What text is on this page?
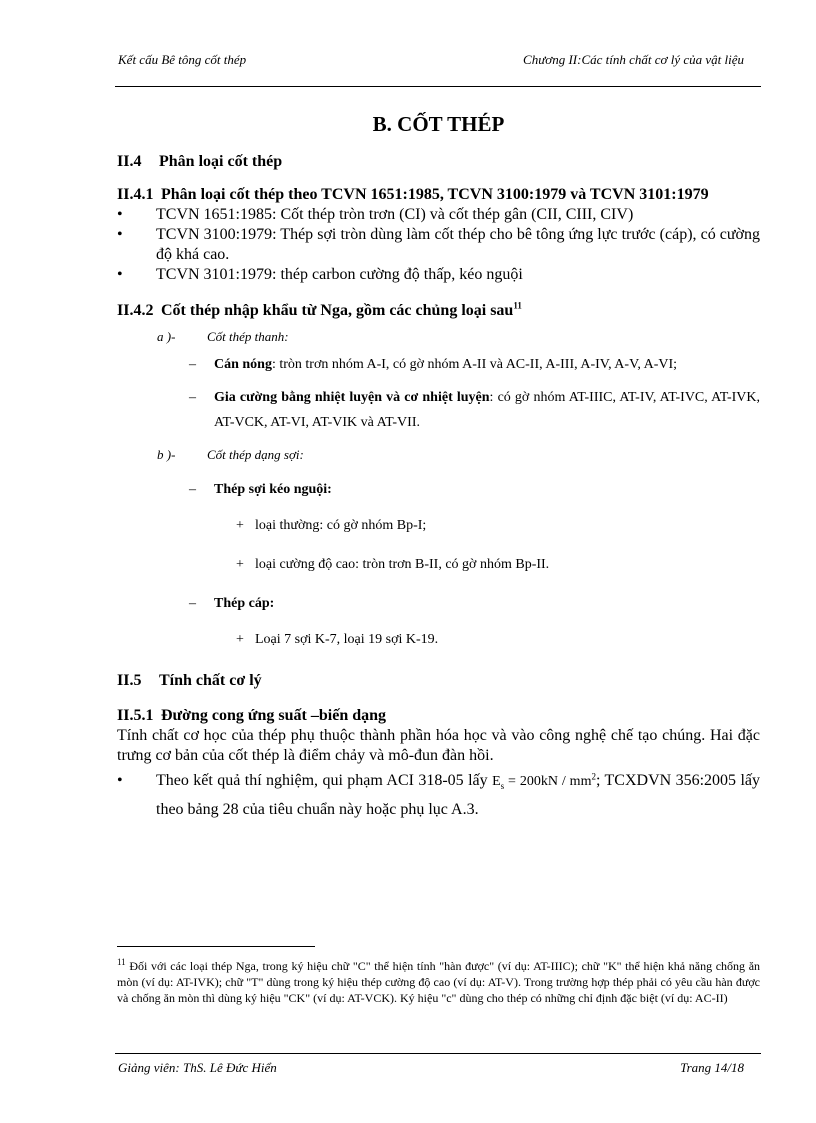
Kết cấu Bê tông cốt thép	Chương II:Các tính chất cơ lý của vật liệu
B. CỐT THÉP
II.4	Phân loại cốt thép
II.4.1 Phân loại cốt thép theo TCVN 1651:1985, TCVN 3100:1979 và TCVN 3101:1979
• TCVN 1651:1985: Cốt thép tròn trơn (CI) và cốt thép gân (CII, CIII, CIV)
• TCVN 3100:1979: Thép sợi tròn dùng làm cốt thép cho bê tông ứng lực trước (cáp), có cường độ khá cao.
• TCVN 3101:1979: thép carbon cường độ thấp, kéo nguội
II.4.2 Cốt thép nhập khẩu từ Nga, gồm các chủng loại sau$^{11}$
a )-	Cốt thép thanh:
– Cán nóng: tròn trơn nhóm A-I, có gờ nhóm A-II và AC-II, A-III, A-IV, A-V, A-VI;
– Gia cường bằng nhiệt luyện và cơ nhiệt luyện: có gờ nhóm AT-IIIC, AT-IV, AT-IVC, AT-IVK, AT-VCK, AT-VI, AT-VIK và AT-VII.
b )-	Cốt thép dạng sợi:
– Thép sợi kéo nguội:
+ loại thường: có gờ nhóm Bp-I;
+ loại cường độ cao: tròn trơn B-II, có gờ nhóm Bp-II.
– Thép cáp:
+ Loại 7 sợi K-7, loại 19 sợi K-19.
II.5	Tính chất cơ lý
II.5.1 Đường cong ứng suất –biến dạng

Tính chất cơ học của thép phụ thuộc thành phần hóa học và vào công nghệ chế tạo chúng. Hai đặc trưng cơ bản của cốt thép là điểm chảy và mô-đun đàn hồi.

• Theo kết quả thí nghiệm, qui phạm ACI 318-05 lấy $E_s = 200kN / mm^2$; TCXDVN 356:2005 lấy theo bảng 28 của tiêu chuẩn này hoặc phụ lục A.3.
$^{11}$ Đối với các loại thép Nga, trong ký hiệu chữ "C" thể hiện tính "hàn được" (ví dụ: AT-IIIC); chữ "K" thể hiện khả năng chống ăn mòn (ví dụ: AT-IVK); chữ "T" dùng trong ký hiệu thép cường độ cao (ví dụ: AT-V). Trong trường hợp thép phải có yêu cầu hàn được và chống ăn mòn thì dùng ký hiệu "CK" (ví dụ: AT-VCK). Ký hiệu "c" dùng cho thép có những chỉ định đặc biệt (ví dụ: AC-II)
Giảng viên: ThS. Lê Đức Hiển	Trang 14/18
